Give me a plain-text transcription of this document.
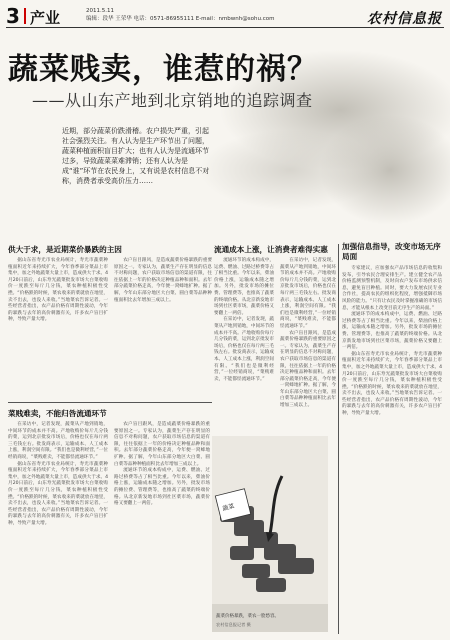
3 产业	2011.5.11
编辑：段华 王荣华 电话：0571-86955111 E-mail：nmbwnh@sohu.com	农村信息报
蔬菜贱卖，谁惹的祸？
——从山东产地到北京销地的追踪调查
近期，部分蔬菜价跌滑稽。农户损失严重，引起社会强烈关注。有人认为是生产环节出了问题，蔬菜种植面积盲目扩大；也有人认为是流通环节过多，导致蔬菜菜难滞销；还有人认为是成“谁”环节在农民身上，又有说是农村信息不对称，消费者承受高价压力……
供大于求，是近期菜价暴跌的主因

据山东省寿光市农业局统计，寿光市蔬菜种植面积近年来持续扩大，今年春季部分菜品上市集中，加之外地蔬菜大量上市，造成供大于求。4月20日前后，山东寿光蔬菜批发市场大白菜收购价一度跌至每斤几分钱，菜农种植积极性受挫。“价格跌的时候，菜农收来的菜就放在地里，卖不出去，也没人来收。”当地菜农告诉记者。一些经营者指出，农产品价格有周期性波动，今年的暴跌与去年的高价刺激有关，许多农户盲目扩种，导致产量大增。

农户盲目跟风，是造成蔬菜价格暴跌的重要原因之一。专家认为，蔬菜生产存在明显的信息不对称问题，农户获取市场信息的渠道有限，往往依据上一年的价格决定种植品种和面积。去年部分蔬菜价格走高，今年便一窝蜂地扩种。据了解，今年山东部分地区大白菜、圆白菜等品种种植面积比去年增加三成以上。

菜贱难卖，不能归咎流通环节

在采访中，记者发现，蔬菜从产地到销地，中间环节的成本并不高。产地收购价每斤几分钱的菜，运到北京批发市场后，价格也仅在每斤两三毛钱左右。批发商表示，运输成本、人工成本上涨，利润空间有限。“我们也是微利经营，”一位经销商说，“菜贱难卖，不能都怪流通环节。”

据山东省寿光市农业局统计，寿光市蔬菜种植面积近年来持续扩大，今年春季部分菜品上市集中，加之外地蔬菜大量上市，造成供大于求。4月20日前后，山东寿光蔬菜批发市场大白菜收购价一度跌至每斤几分钱，菜农种植积极性受挫。“价格跌的时候，菜农收来的菜就放在地里，卖不出去，也没人来收。”当地菜农告诉记者。一些经营者指出，农产品价格有周期性波动，今年的暴跌与去年的高价刺激有关，许多农户盲目扩种，导致产量大增。

农户盲目跟风，是造成蔬菜价格暴跌的重要原因之一。专家认为，蔬菜生产存在明显的信息不对称问题，农户获取市场信息的渠道有限，往往依据上一年的价格决定种植品种和面积。去年部分蔬菜价格走高，今年便一窝蜂地扩种。据了解，今年山东部分地区大白菜、圆白菜等品种种植面积比去年增加三成以上。

流通环节的成本构成中，运费、燃油、过路过桥费等占了相当比重。今年以来，柴油价格上涨，运输成本随之增加。另外，批发市场的摊位费、管理费等，也推高了蔬菜的终端价格。从北京新发地市场到社区菜市场，蔬菜价格又要翻上一两倍。

流通成本上涨，让消费者难得实惠

流通环节的成本构成中，运费、燃油、过路过桥费等占了相当比重。今年以来，柴油价格上涨，运输成本随之增加。另外，批发市场的摊位费、管理费等，也推高了蔬菜的终端价格。从北京新发地市场到社区菜市场，蔬菜价格又要翻上一两倍。

在采访中，记者发现，蔬菜从产地到销地，中间环节的成本并不高。产地收购价每斤几分钱的菜，运到北京批发市场后，价格也仅在每斤两三毛钱左右。批发商表示，运输成本、人工成本上涨，利润空间有限。“我们也是微利经营，”一位经销商说，“菜贱难卖，不能都怪流通环节。”

在采访中，记者发现，蔬菜从产地到销地，中间环节的成本并不高。产地收购价每斤几分钱的菜，运到北京批发市场后，价格也仅在每斤两三毛钱左右。批发商表示，运输成本、人工成本上涨，利润空间有限。“我们也是微利经营，”一位经销商说，“菜贱难卖，不能都怪流通环节。”

农户盲目跟风，是造成蔬菜价格暴跌的重要原因之一。专家认为，蔬菜生产存在明显的信息不对称问题，农户获取市场信息的渠道有限，往往依据上一年的价格决定种植品种和面积。去年部分蔬菜价格走高，今年便一窝蜂地扩种。据了解，今年山东部分地区大白菜、圆白菜等品种种植面积比去年增加三成以上。

蔬菜
蔬菜价格暴跌，菜农一脸愁容。
农村信息报记者 摄
加强信息指导，改变市场无序局面

专家建议，应加强农产品市场信息的收集和发布，引导农民合理安排生产。建立健全农产品价格监测预警机制，及时向农户发布市场供求信息，避免盲目种植。同时，要大力发展农民专业合作社，提高农民的组织化程度，增强抵御市场风险的能力。“只有让农民及时掌握准确的市场信息，才能从根本上改变目前无序生产的局面。”

流通环节的成本构成中，运费、燃油、过路过桥费等占了相当比重。今年以来，柴油价格上涨，运输成本随之增加。另外，批发市场的摊位费、管理费等，也推高了蔬菜的终端价格。从北京新发地市场到社区菜市场，蔬菜价格又要翻上一两倍。

据山东省寿光市农业局统计，寿光市蔬菜种植面积近年来持续扩大，今年春季部分菜品上市集中，加之外地蔬菜大量上市，造成供大于求。4月20日前后，山东寿光蔬菜批发市场大白菜收购价一度跌至每斤几分钱，菜农种植积极性受挫。“价格跌的时候，菜农收来的菜就放在地里，卖不出去，也没人来收。”当地菜农告诉记者。一些经营者指出，农产品价格有周期性波动，今年的暴跌与去年的高价刺激有关，许多农户盲目扩种，导致产量大增。
